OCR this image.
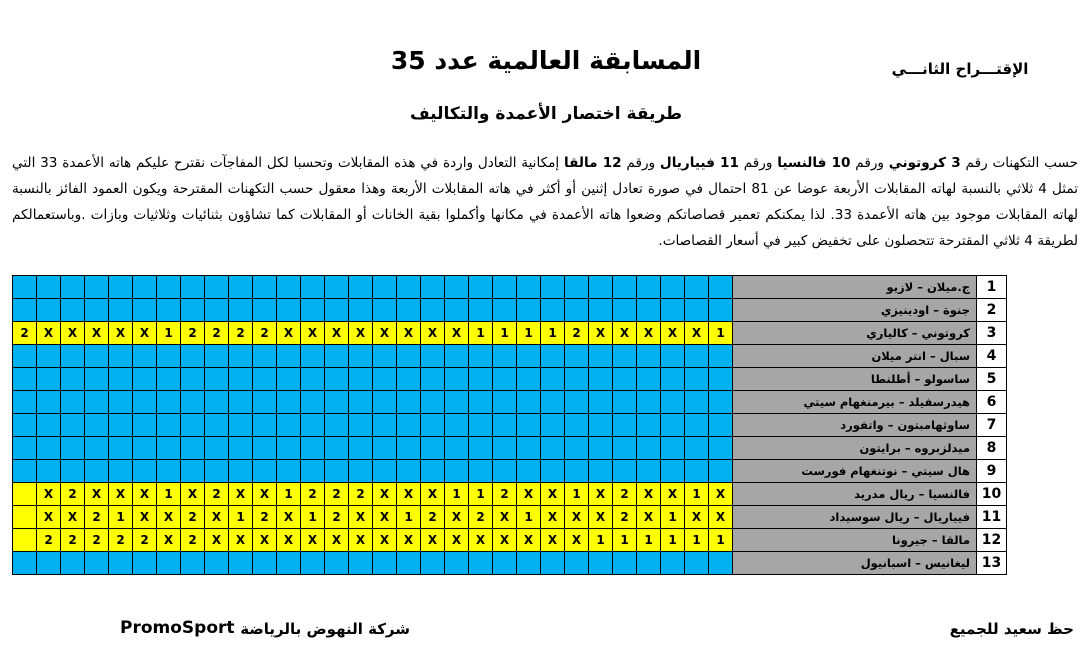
الإقتـــراح الثانـــي
المسابقة العالمية عدد 35
طريقة اختصار الأعمدة والتكاليف
حسب التكهنات رقم 3 كروتوني ورقم 10 فالنسيا ورقم 11 فيياريال ورقم 12 مالقا إمكانية التعادل واردة في هذه المقابلات وتحسبا لكل المفاجآت نقترح عليكم هاته الأعمدة 33 التي تمثل 4 ثلاثي بالنسبة لهاته المقابلات الأربعة عوضا عن 81 احتمال في صورة تعادل إثنين أو أكثر في هاته المقابلات الأربعة وهذا معقول حسب التكهنات المقترحة ويكون العمود الفائز بالنسبة لهاته المقابلات موجود بين هاته الأعمدة 33. لذا يمكنكم تعمير قصاصاتكم وضعوا هاته الأعمدة في مكانها وأكملوا بقية الخانات أو المقابلات كما تشاؤون بثنائيات وثلاثيات وبازات .وباستعمالكم لطريقة 4 ثلاثي المقترحة تتحصلون على تخفيض كبير في أسعار القصاصات.
																														ج.ميلان – لازيو	1
																														جنوة – اودينيزي	2
2	X	X	X	X	X	1	2	2	2	2	X	X	X	X	X	X	X	X	1	1	1	1	2	X	X	X	X	X	1	كروتوني – كالياري	3
																														سبال – انتر ميلان	4
																														ساسولو – أطلنطا	5
																														هيدرسفيلد – بيرمنغهام سيتي	6
																														ساوثهامبتون – واتفورد	7
																														ميدلزبروه – برايتون	8
																														هال سيتي – نوتنغهام فورست	9
	X	2	X	X	X	1	X	2	X	X	1	2	2	2	X	X	X	1	1	2	X	X	1	X	2	X	X	1	X	فالنسيا – ريال مدريد	10
	X	X	2	1	X	X	2	X	1	2	X	1	2	X	X	1	2	X	2	X	1	X	X	X	2	X	1	X	X	فيياريال – ريال سوسيداد	11
	2	2	2	2	2	X	2	X	X	X	X	X	X	X	X	X	X	X	X	X	X	X	X	1	1	1	1	1	1	مالقا – جيرونا	12
																														ليغانيس – اسبانيول	13
حظ سعيد للجميع
شركة النهوض بالرياضة
PromoSport
